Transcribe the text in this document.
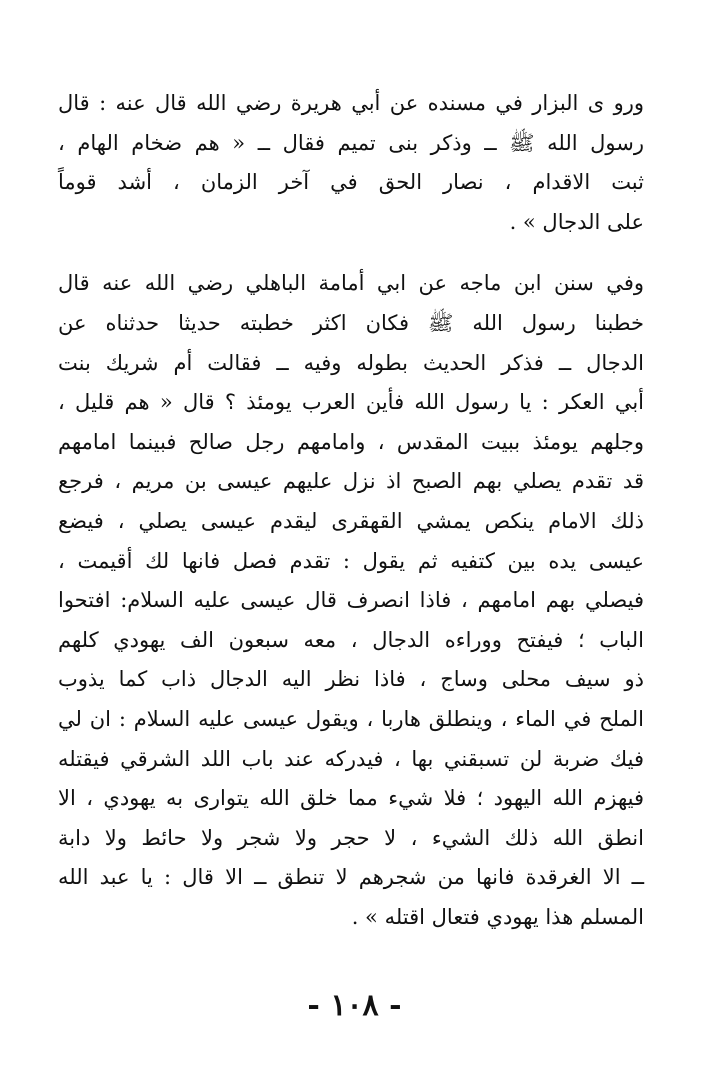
ورو ى البزار في مسنده عن أبي هريرة رضي الله قال عنه : قال
رسول الله ﷺ ــ وذكر بنى تميم فقال ــ « هم ضخام الهام ،
ثبت الاقدام ، نصار الحق في آخر الزمان ، أشد قوماً
على الدجال » .
وفي سنن ابن ماجه عن ابي أمامة الباهلي رضي الله عنه قال
خطبنا رسول الله ﷺ فكان اكثر خطبته حديثا حدثناه عن
الدجال ــ فذكر الحديث بطوله وفيه ــ فقالت أم شريك بنت
أبي العكر : يا رسول الله فأين العرب يومئذ ؟ قال « هم قليل ،
وجلهم يومئذ ببيت المقدس ، وامامهم رجل صالح فبينما امامهم
قد تقدم يصلي بهم الصبح اذ نزل عليهم عيسى بن مريم ، فرجع
ذلك الامام ينكص يمشي القهقرى ليقدم عيسى يصلي ، فيضع
عيسى يده بين كتفيه ثم يقول : تقدم فصل فانها لك أقيمت ،
فيصلي بهم امامهم ، فاذا انصرف قال عيسى عليه السلام: افتحوا
الباب ؛ فيفتح ووراءه الدجال ، معه سبعون الف يهودي كلهم
ذو سيف محلى وساج ، فاذا نظر اليه الدجال ذاب كما يذوب
الملح في الماء ، وينطلق هاربا ، ويقول عيسى عليه السلام : ان لي
فيك ضربة لن تسبقني بها ، فيدركه عند باب اللد الشرقي فيقتله
فيهزم الله اليهود ؛ فلا شيء مما خلق الله يتوارى به يهودي ، الا
انطق الله ذلك الشيء ، لا حجر ولا شجر ولا حائط ولا دابة
ــ الا الغرقدة فانها من شجرهم لا تنطق ــ الا قال : يا عبد الله
المسلم هذا يهودي فتعال اقتله » .
- ١٠٨ -
